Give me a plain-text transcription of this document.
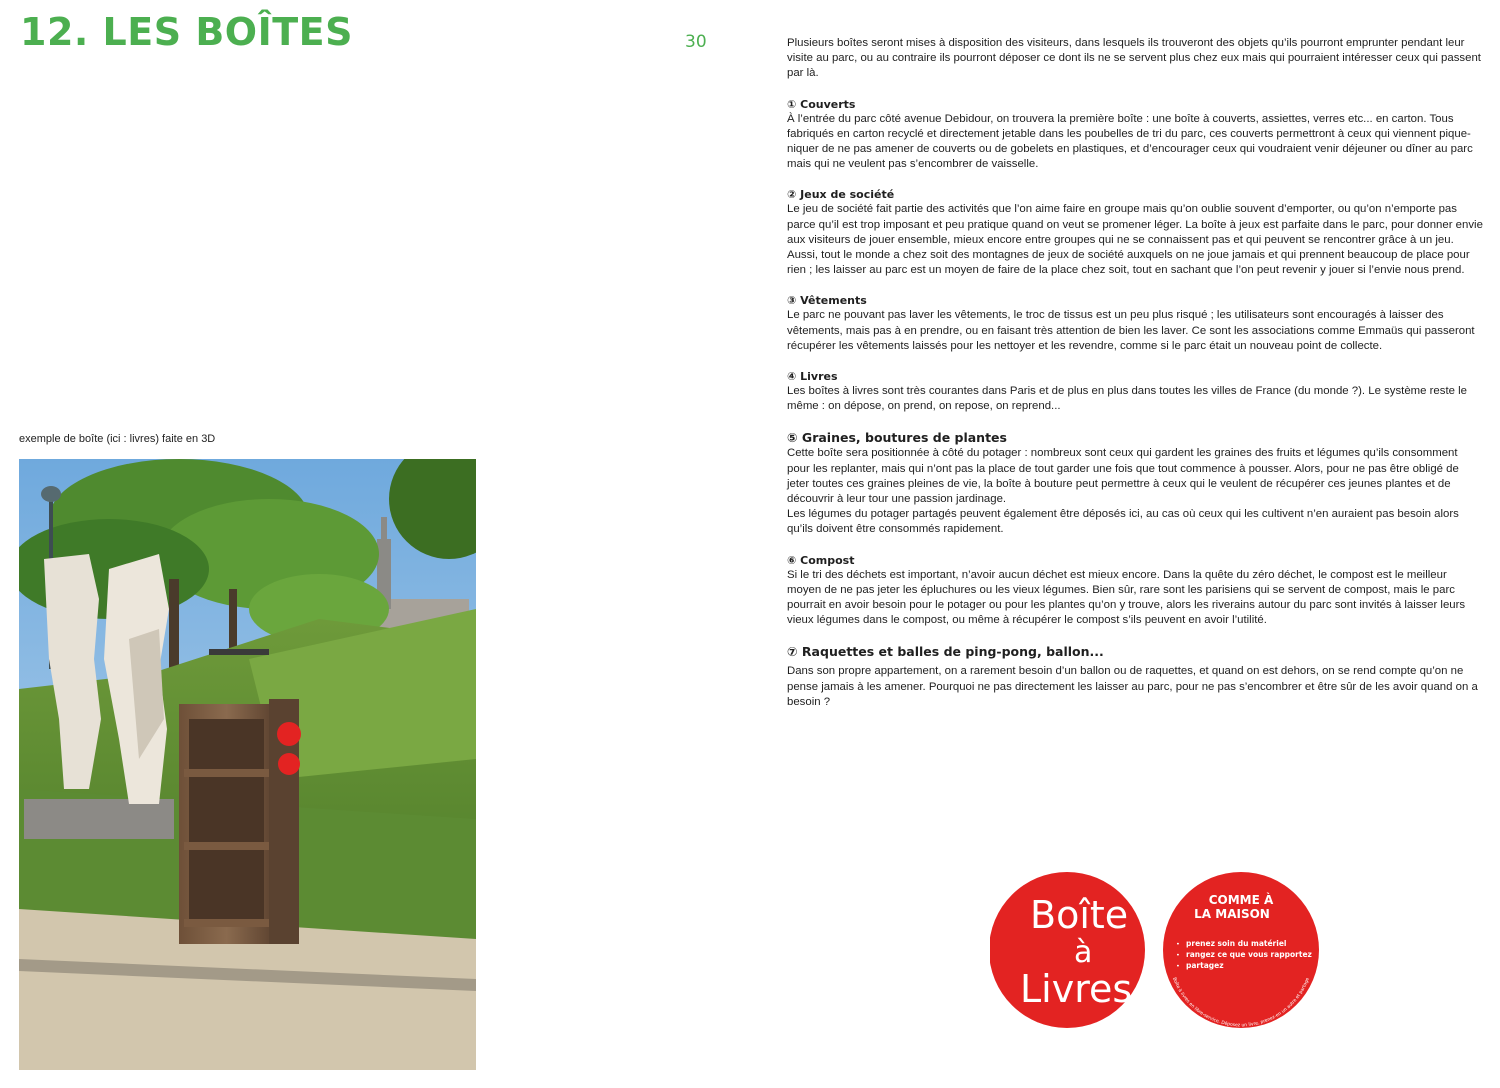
12. LES BOÎTES	30
exemple de boîte (ici : livres) faite en 3D

Plusieurs boîtes seront mises à disposition des visiteurs, dans lesquels ils trouveront des objets qu’ils pourront emprunter pendant leur visite au parc, ou au contraire ils pourront déposer ce dont ils ne se servent plus chez eux mais qui pourraient intéresser ceux qui passent par là.

① Couverts

À l’entrée du parc côté avenue Debidour, on trouvera la première boîte : une boîte à couverts, assiettes, verres etc... en carton. Tous fabriqués en carton recyclé et directement jetable dans les poubelles de tri du parc, ces couverts permettront à ceux qui viennent pique-niquer de ne pas amener de couverts ou de gobelets en plastiques, et d’encourager ceux qui voudraient venir déjeuner ou dîner au parc mais qui ne veulent pas s’encombrer de vaisselle.

② Jeux de société

Le jeu de société fait partie des activités que l’on aime faire en groupe mais qu’on oublie souvent d’emporter, ou qu’on n’emporte pas parce qu’il est trop imposant et peu pratique quand on veut se promener léger. La boîte à jeux est parfaite dans le parc, pour donner envie aux visiteurs de jouer ensemble, mieux encore entre groupes qui ne se connaissent pas et qui peuvent se rencontrer grâce à un jeu.

Aussi, tout le monde a chez soit des montagnes de jeux de société auxquels on ne joue jamais et qui prennent beaucoup de place pour rien ; les laisser au parc est un moyen de faire de la place chez soit, tout en sachant que l’on peut revenir y jouer si l’envie nous prend.

③ Vêtements

Le parc ne pouvant pas laver les vêtements, le troc de tissus est un peu plus risqué ; les utilisateurs sont encouragés à laisser des vêtements, mais pas à en prendre, ou en faisant très attention de bien les laver. Ce sont les associations comme Emmaüs qui passeront récupérer les vêtements laissés pour les nettoyer et les revendre, comme si le parc était un nouveau point de collecte.

④ Livres

Les boîtes à livres sont très courantes dans Paris et de plus en plus dans toutes les villes de France (du monde ?). Le système reste le même : on dépose, on prend, on repose, on reprend...

⑤ Graines, boutures de plantes

Cette boîte sera positionnée à côté du potager : nombreux sont ceux qui gardent les graines des fruits et légumes qu’ils consomment pour les replanter, mais qui n’ont pas la place de tout garder une fois que tout commence à pousser. Alors, pour ne pas être obligé de jeter toutes ces graines pleines de vie, la boîte à bouture peut permettre à ceux qui le veulent de récupérer ces jeunes plantes et de découvrir à leur tour une passion jardinage.

Les légumes du potager partagés peuvent également être déposés ici, au cas où ceux qui les cultivent n’en auraient pas besoin alors qu’ils doivent être consommés rapidement.

⑥ Compost

Si le tri des déchets est important, n’avoir aucun déchet est mieux encore. Dans la quête du zéro déchet, le compost est le meilleur moyen de ne pas jeter les épluchures ou les vieux légumes. Bien sûr, rare sont les parisiens qui se servent de compost, mais le parc pourrait en avoir besoin pour le potager ou pour les plantes qu’on y trouve, alors les riverains autour du parc sont invités à laisser leurs vieux légumes dans le compost, ou même à récupérer le compost s’ils peuvent en avoir l’utilité.

⑦ Raquettes et balles de ping-pong, ballon...

Dans son propre appartement, on a rarement besoin d’un ballon ou de raquettes, et quand on est dehors, on se rend compte qu’on ne pense jamais à les amener. Pourquoi ne pas directement les laisser au parc, pour ne pas s’encombrer et être sûr de les avoir quand on a besoin ?

Boîte
à
Livres
COMME À
LA MAISON
• prenez soin du matériel
• rangez ce que vous rapportez
• partagez
Boîte à livres en libre-service. Déposez un livre, prenez-en un autre et partage
